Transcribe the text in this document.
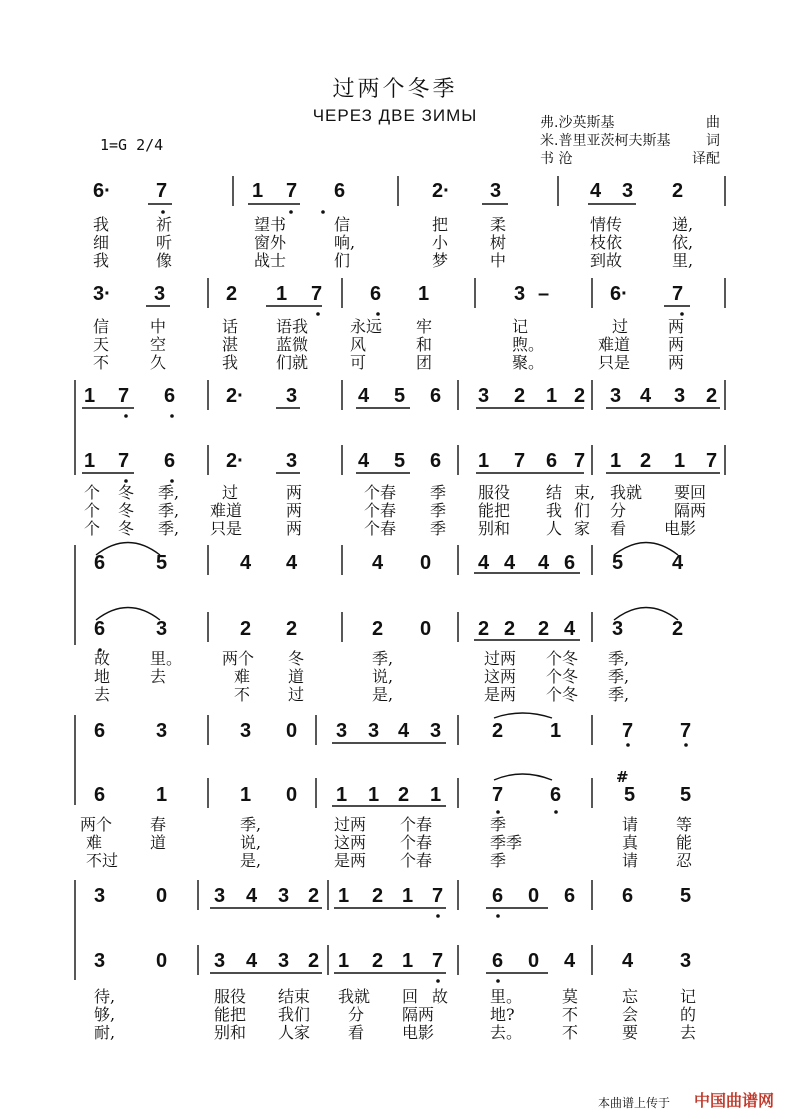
过两个冬季
ЧЕРЕЗ ДВЕ ЗИМЫ
1=G 2/4
弗.沙英斯基	曲
米.普里亚茨柯夫斯基	词
书 沧	译配
6· 7	1 7 6	2· 3	4 3 2
我	祈	望书	信	把	柔	情传	递,
细	听	窗外	响,	小	树	枝依	依,
我	像	战士	们	梦	中	到故	里,
3· 3	2 1 7 6 1	3 –	6· 7
信	中	话 语我	永远 牢	记	过 两
天	空	湛 蓝微	风	和	煦。	难道 两
不	久	我 们就	可	团	聚。	只是 两
1 7 6	2· 3	4 5 6 3 2 1 2 3 4 3 2
1 7 6	2· 3	4 5 6 1 7 6 7 1 2 1 7
个 冬 季,	过	两	个春 季 服役 结 束, 我就 要回
个 冬 季, 难道	两	个春 季 能把 我 们 分	隔两
个 冬 季, 只是	两	个春 季 别和 人 家 看 电影
6	5	4 4	4 0 4 4 4 6 5 4
6	3	2 2	2 0 2 2 2 4 3 2
故 里。 两个 冬	季,	过两 个冬 季,
地 去	难 道	说,	这两 个冬 季,
去	不 过	是,	是两 个冬 季,
6	3	3 0 3 3 4 3	2 1	7 7
6	1	1 0 1 1 2 1	7 6
#
5 5
两个 春	季,	过两 个春	季	请 等
难	道	说,	这两 个春	季季	真 能
不过	是,	是两 个春	季	请 忍
3	0 3 4 3 2 1 2 1 7 6 0 6 6 5
3	0 3 4 3 2 1 2 1 7 6 0 4 4 3
待,	服役 结束 我就 回 故	里。 莫	忘	记
够,	能把 我们 分 隔两	地?	不	会	的
耐,	别和 人家 看 电影	去。 不	要	去
本曲谱上传于 中国曲谱网
